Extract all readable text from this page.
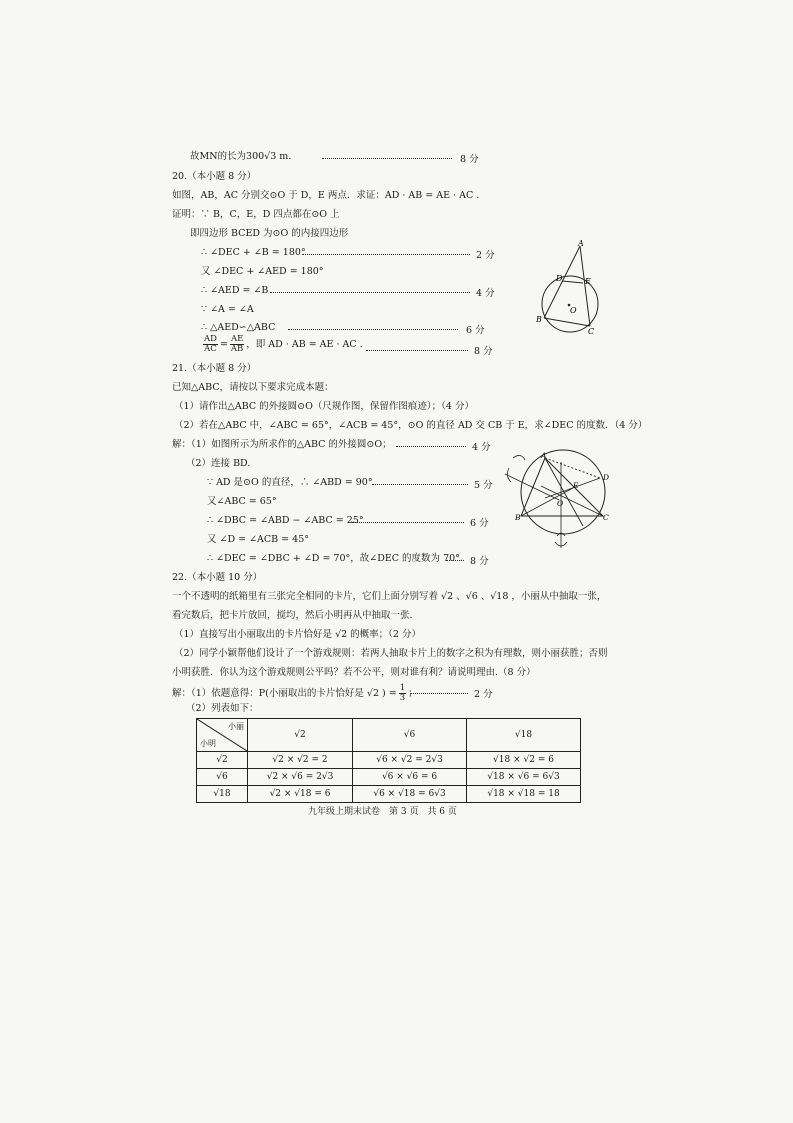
故MN的长为300√3 m.	8 分
20.（本小题 8 分）
如图，AB，AC 分别交⊙O 于 D，E 两点．求证：AD · AB = AE · AC .
证明：∵ B，C，E，D 四点都在⊙O 上
即四边形 BCED 为⊙O 的内接四边形
∴ ∠DEC + ∠B = 180°	2 分
又 ∠DEC + ∠AED = 180°
∴ ∠AED = ∠B	4 分
∵ ∠A = ∠A
∴ △AED∽△ABC	6 分
$\frac{AD}{AC} = \frac{AE}{AB}$ ，即 AD · AB = AE · AC .
8 分
A
B
C
D	E
O
21.（本小题 8 分）
已知△ABC，请按以下要求完成本题：
（1）请作出△ABC 的外接圆⊙O（尺规作图，保留作图痕迹）；（4 分）
（2）若在△ABC 中，∠ABC = 65°，∠ACB = 45°，⊙O 的直径 AD 交 CB 于 E，求∠DEC 的度数．（4 分）
解：（1）如图所示为所求作的△ABC 的外接圆⊙O；	4 分
（2）连接 BD.
∵ AD 是⊙O 的直径，∴ ∠ABD = 90°	5 分
又∠ABC = 65°
∴ ∠DBC = ∠ABD − ∠ABC = 25°	6 分
又 ∠D = ∠ACB = 45°
∴ ∠DEC = ∠DBC + ∠D = 70°，故∠DEC 的度数为 70°． 8 分
A
B	C
D
E
O
22.（本小题 10 分）
一个不透明的纸箱里有三张完全相同的卡片，它们上面分别写着 √2 、√6 、√18 ，小丽从中抽取一张，
看完数后，把卡片放回，搅均，然后小明再从中抽取一张.
（1）直接写出小丽取出的卡片恰好是 √2 的概率；（2 分）
（2）同学小颖帮他们设计了一个游戏规则：若两人抽取卡片上的数字之积为有理数，则小丽获胜；否则
小明获胜．你认为这个游戏规则公平吗？若不公平，则对谁有利？请说明理由.（8 分）
解：（1）依题意得：P(小丽取出的卡片恰好是 √2 ) = $\frac{1}{3}$ ；	2 分
（2）列表如下：
小丽
小明	√2	√6	√18
√2	√2 × √2 = 2	√6 × √2 = 2√3	√18 × √2 = 6
√6	√2 × √6 = 2√3	√6 × √6 = 6	√18 × √6 = 6√3
√18	√2 × √18 = 6	√6 × √18 = 6√3	√18 × √18 = 18
九年级上期末试卷　第 3 页　共 6 页
